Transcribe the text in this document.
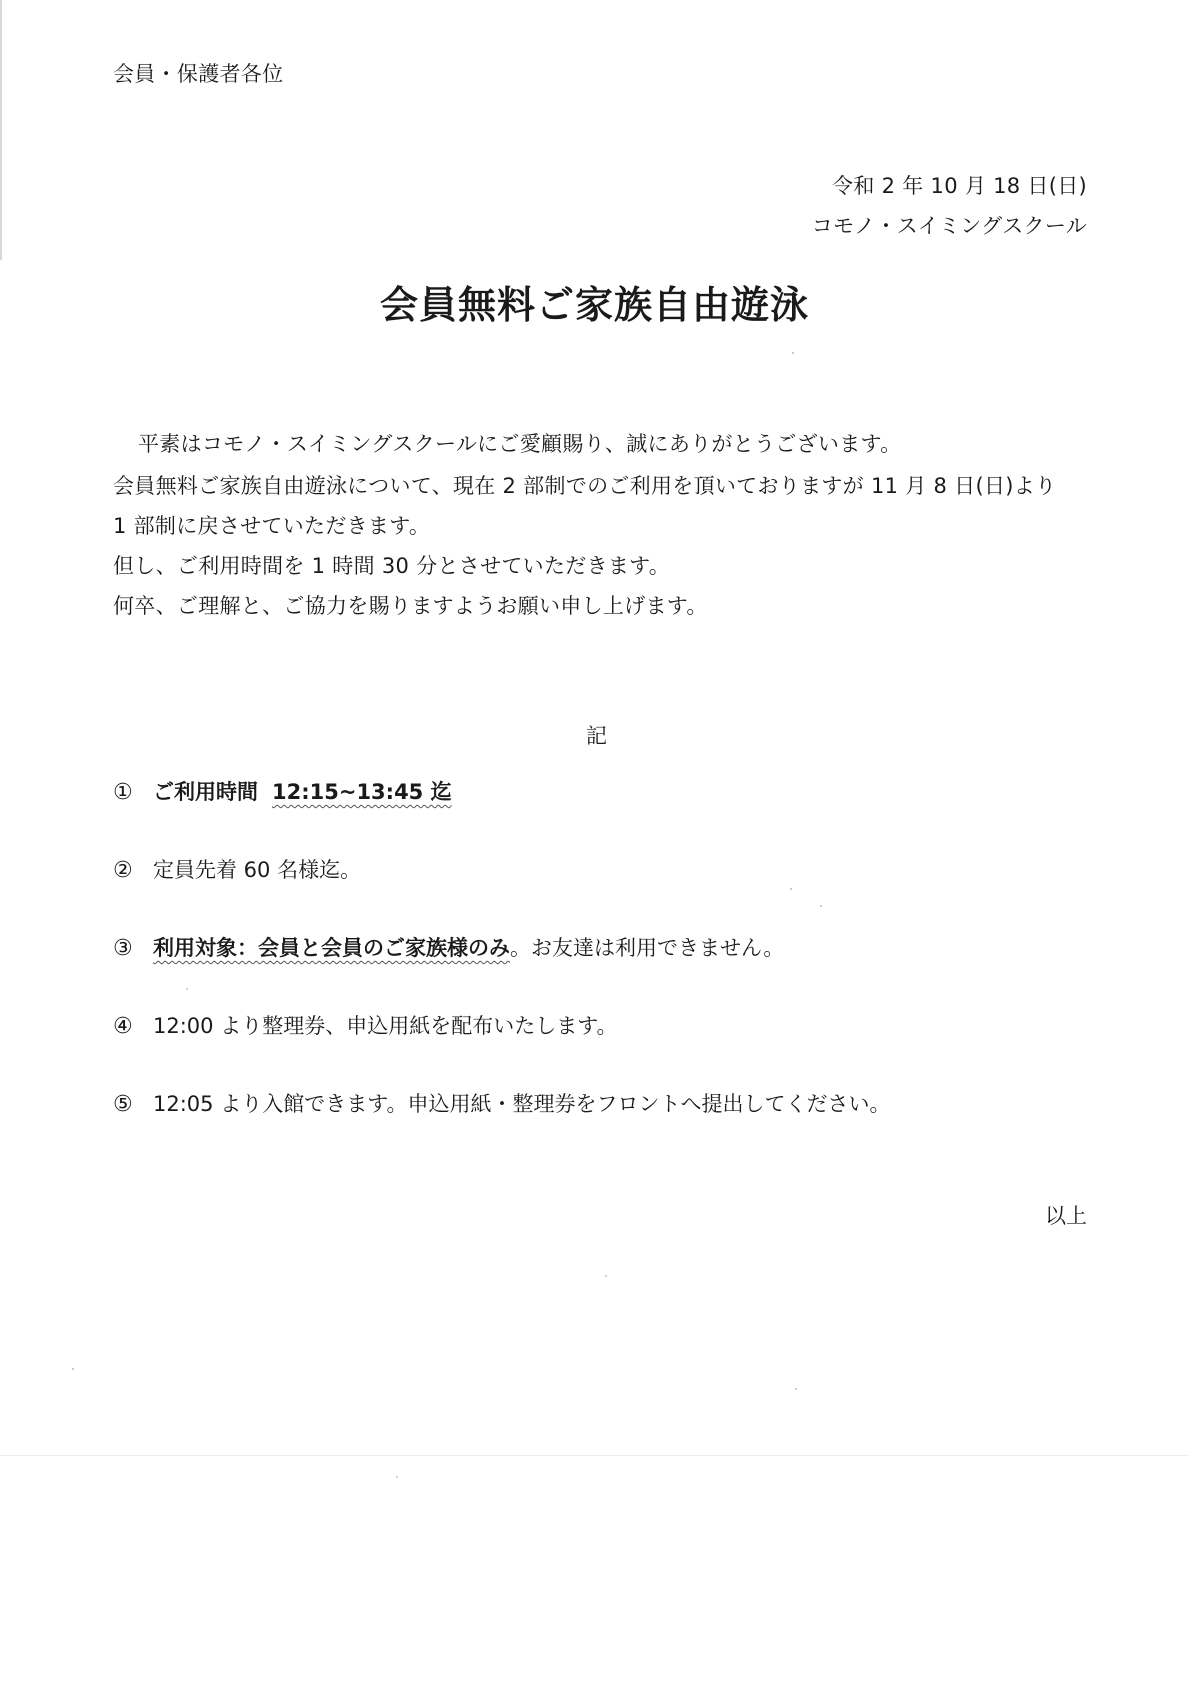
会員・保護者各位
令和 2 年 10 月 18 日(日)
コモノ・スイミングスクール
会員無料ご家族自由遊泳
平素はコモノ・スイミングスクールにご愛顧賜り、誠にありがとうございます。
会員無料ご家族自由遊泳について、現在 2 部制でのご利用を頂いておりますが 11 月 8 日(日)より
1 部制に戻させていただきます。
但し、ご利用時間を 1 時間 30 分とさせていただきます。
何卒、ご理解と、ご協力を賜りますようお願い申し上げます。
記
① ご利用時間 12:15~13:45 迄
② 定員先着 60 名様迄。
③ 利用対象：会員と会員のご家族様のみ 。お友達は利用できません。
④ 12:00 より整理券、申込用紙を配布いたします。
⑤ 12:05 より入館できます。申込用紙・整理券をフロントへ提出してください。
以上
